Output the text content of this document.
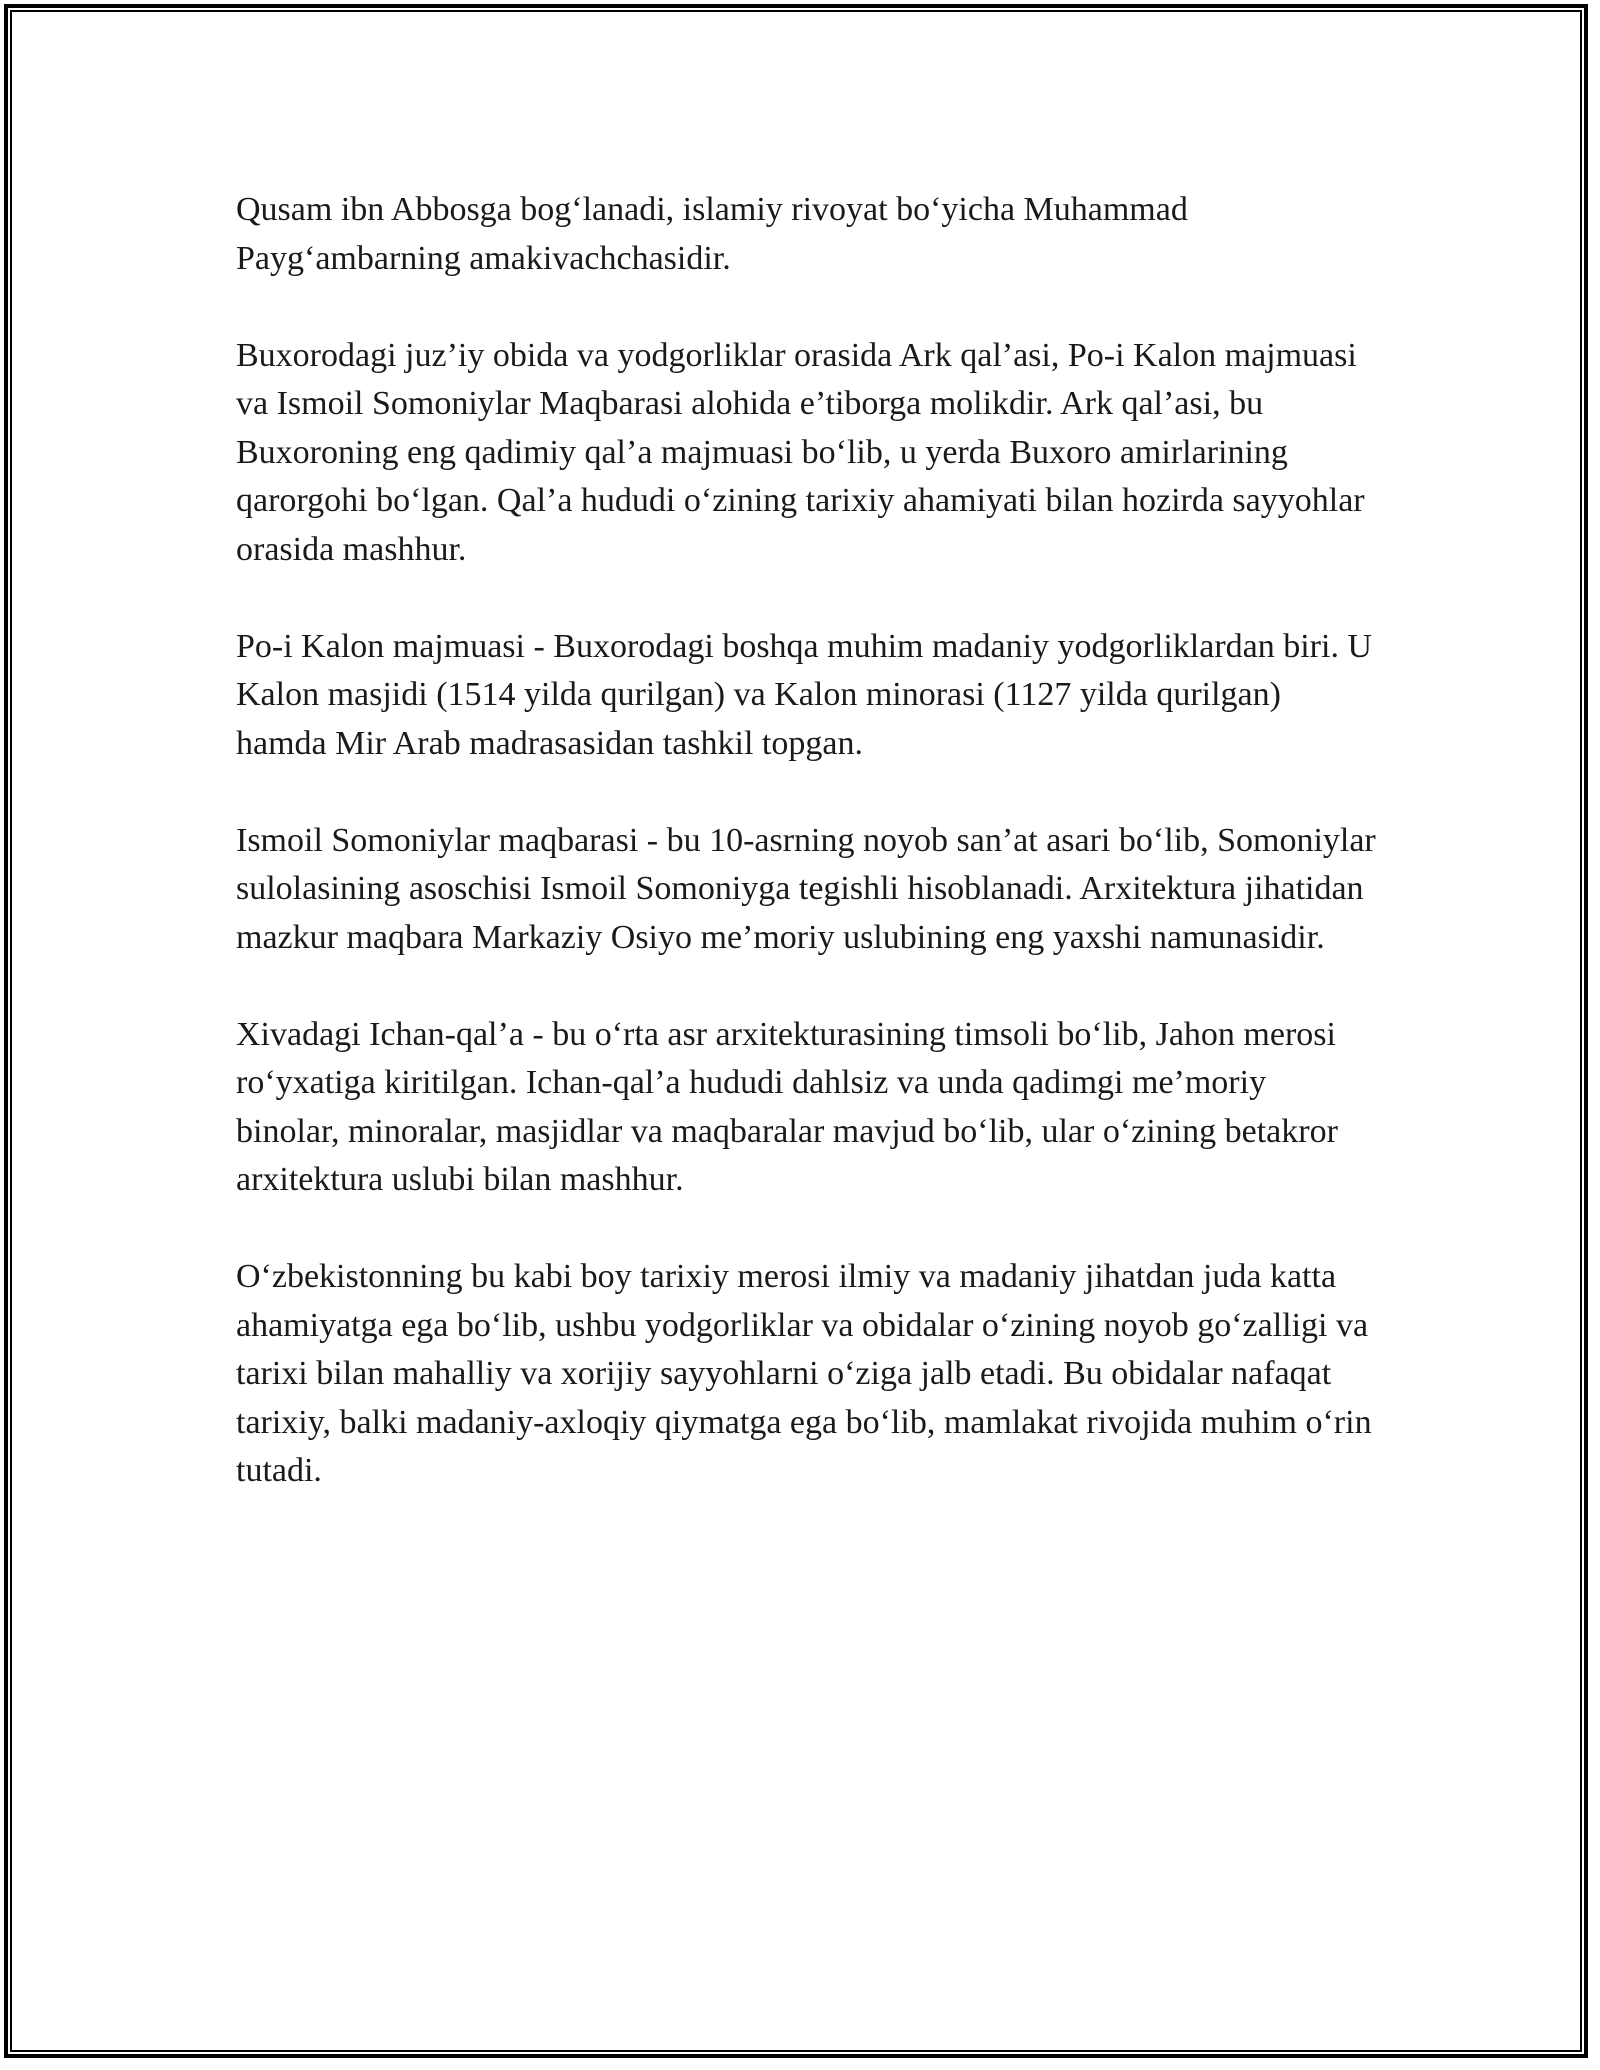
Qusam ibn Abbosga bog‘lanadi, islamiy rivoyat bo‘yicha Muhammad Payg‘ambarning amakivachchasidir.

Buxorodagi juz’iy obida va yodgorliklar orasida Ark qal’asi, Po-i Kalon majmuasi va Ismoil Somoniylar Maqbarasi alohida e’tiborga molikdir. Ark qal’asi, bu Buxoroning eng qadimiy qal’a majmuasi bo‘lib, u yerda Buxoro amirlarining qarorgohi bo‘lgan. Qal’a hududi o‘zining tarixiy ahamiyati bilan hozirda sayyohlar orasida mashhur.

Po-i Kalon majmuasi - Buxorodagi boshqa muhim madaniy yodgorliklardan biri. U Kalon masjidi (1514 yilda qurilgan) va Kalon minorasi (1127 yilda qurilgan) hamda Mir Arab madrasasidan tashkil topgan.

Ismoil Somoniylar maqbarasi - bu 10-asrning noyob san’at asari bo‘lib, Somoniylar sulolasining asoschisi Ismoil Somoniyga tegishli hisoblanadi. Arxitektura jihatidan mazkur maqbara Markaziy Osiyo me’moriy uslubining eng yaxshi namunasidir.

Xivadagi Ichan-qal’a - bu o‘rta asr arxitekturasining timsoli bo‘lib, Jahon merosi ro‘yxatiga kiritilgan. Ichan-qal’a hududi dahlsiz va unda qadimgi me’moriy binolar, minoralar, masjidlar va maqbaralar mavjud bo‘lib, ular o‘zining betakror arxitektura uslubi bilan mashhur.

O‘zbekistonning bu kabi boy tarixiy merosi ilmiy va madaniy jihatdan juda katta ahamiyatga ega bo‘lib, ushbu yodgorliklar va obidalar o‘zining noyob go‘zalligi va tarixi bilan mahalliy va xorijiy sayyohlarni o‘ziga jalb etadi. Bu obidalar nafaqat tarixiy, balki madaniy-axloqiy qiymatga ega bo‘lib, mamlakat rivojida muhim o‘rin tutadi.
